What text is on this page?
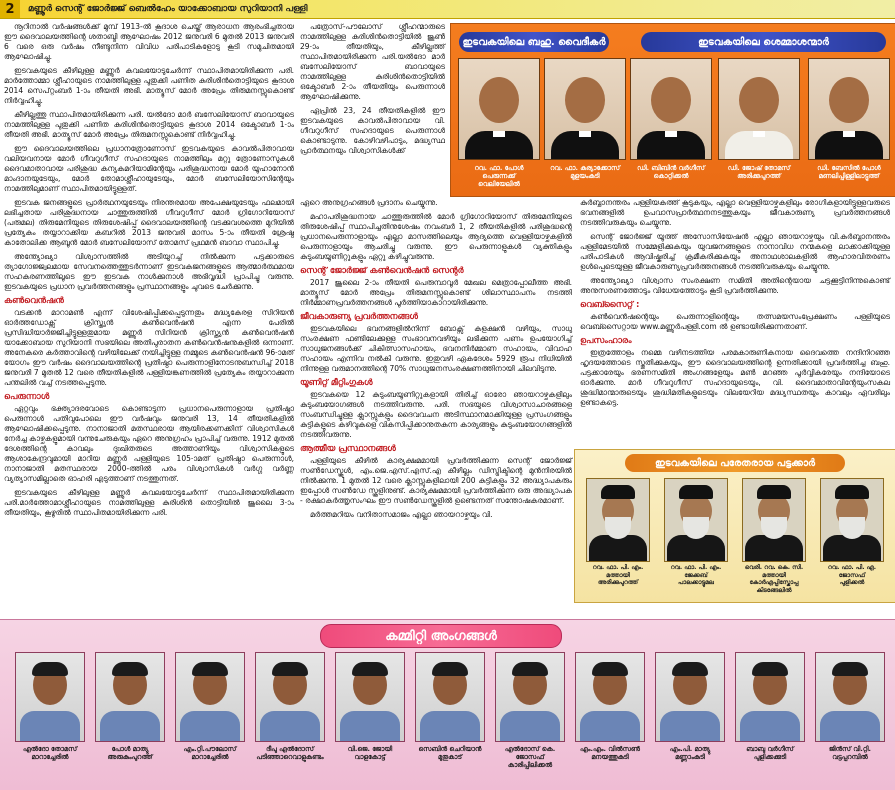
2	മണ്ണൂർ സെന്റ് ജോർജ്ജ് ബെൽഹേം യാക്കോബായ സുറിയാനി പള്ളി

നൂറിനാൽ വർഷങ്ങൾക്ക് മുമ്പ് 1913-ൽ കൂദാശ ചെയ്ത് ആരാധന ആരംഭിച്ചതായ ഈ ദൈവാലയത്തിന്റെ ശതാബ്ദി ആഘോഷം 2012 ജനുവരി 6 മുതൽ 2013 ജനുവരി 6 വരെ ഒരു വർഷം നീണ്ടുനിന്ന വിവിധ പരിപാടികളോടു കൂടി സമുചിതമായി ആഘോഷിച്ചു.

ഇടവകയുടെ കീഴിലുള്ള മണ്ണൂർ കവലയോടുചേർന്ന് സ്ഥാപിതമായിരിക്കുന്ന പരി. മാർത്തോമ്മാ ശ്ലീഹായുടെ നാമത്തിലുള്ള പുതുക്കി പണിത കുരിശിൻതൊട്ടിയുടെ കൂദാശ 2014 സെപ്റ്റംബർ 1-ാം തീയതി അഭി. മാത്യൂസ് മോർ അപ്രേം തിരുമനസ്സുകൊണ്ട് നിർവ്വഹിച്ചു.

കീഴില്ലത്തു സ്ഥാപിതമായിരിക്കുന്ന പരി. യൽദോ മാർ ബസേലിയോസ് ബാവായുടെ നാമത്തിലുള്ള പുതുക്കി പണിത കുരിശിൻതൊട്ടിയുടെ കൂദാശ 2014 ഒക്ടോബർ 1-ാം തീയതി അഭി. മാത്യൂസ് മോർ അപ്രേം തിരുമനസ്സുകൊണ്ട് നിർവ്വഹിച്ചു.

ഈ ദൈവാലയത്തിലെ പ്രധാനത്രോണോസ് ഇടവകയുടെ കാവൽപിതാവായ വലിയവനായ മോർ ഗീവറുഗീസ് സഹദായുടെ നാമത്തിലും മറ്റു ത്രോണോസുകൾ ദൈവമാതാവായ പരിശുദ്ധ കന്യകമറിയാമിന്റേയും പരിശുദ്ധനായ മോർ യൂഹാനോൻ മാംദാനയുടേയും, മോർ തോമാശ്ലീഹായുടേയും, മോർ ബസേലിയോസിന്റേയും നാമത്തിലുമാണ് സ്ഥാപിതമായിട്ടുള്ളത്.

ഇടവക ജനങ്ങളുടെ പ്രാർത്ഥനയുടേയും നിരന്തരമായ അപേക്ഷയുടേയും ഫലമായി ലഭിച്ചതായ പരിശുദ്ധനായ ചാത്തുരുത്തിൽ ഗീവറുഗീസ് മോർ ഗ്രിഗോറിയോസ് (പരുമല) തിരുമേനിയുടെ തിരുശേഷിപ്പ് ദൈവാലയത്തിന്റെ വടക്കുവശത്തെ മുറിയിൽ പ്രത്യേകം തയ്യാറാക്കിയ കബറിൽ 2013 ജനുവരി മാസം 5-ാം തീയതി ശ്രേഷ്ഠ കാതോലിക്ക ആബൂൻ മോർ ബസേലിയോസ് തോമസ് പ്രഥമൻ ബാവാ സ്ഥാപിച്ചു.

അന്ത്യോഖ്യാ വിശ്വാസത്തിൽ അടിയുറച്ച് നിൽക്കുന്ന പട്ടക്കാരുടെ ത്യാഗോജ്ജ്വലമായ സേവനത്തെത്തുടർന്നാണ് ഇടവകജനങ്ങളുടെ ആത്മാർത്ഥമായ സഹകരണത്തിലൂടെ ഈ ഇടവക നാൾക്കുനാൾ അഭിവൃദ്ധി പ്രാപിച്ചു വരുന്നു. ഇടവകയുടെ പ്രധാന പ്രവർത്തനങ്ങളും പ്രസ്ഥാനങ്ങളും ചുവടെ ചേർക്കുന്നു.

കൺവെൻഷൻ

വടക്കൻ മാറാമൺ എന്ന് വിശേഷിപ്പിക്കപ്പെടുന്നതും മദ്ധ്യകേരള സിറിയൻ ഓർത്തഡോക്സ് ക്രിസ്ത്യൻ കൺവെൻഷൻ എന്ന പേരിൽ പ്രസിദ്ധിയാർജ്ജിച്ചിട്ടുള്ളതുമായ മണ്ണൂർ സിറിയൻ ക്രിസ്ത്യൻ കൺവെൻഷൻ യാക്കോബായ സുറിയാനി സഭയിലെ അതിപുരാതന കൺവെൻഷനുകളിൽ ഒന്നാണ്. അനേകരെ കർത്താവിന്റെ വഴിയിലേക്ക് നയിച്ചിട്ടുള്ള നമ്മുടെ കൺവെൻഷൻ 96-ാമത് യോഗം ഈ വർഷം ദൈവാലയത്തിന്റെ പ്രതിഷ്ഠാ പെരുന്നാളിനോടനുബന്ധിച്ച് 2018 ജനുവരി 7 മുതൽ 12 വരെ തീയതികളിൽ പള്ളിയങ്കണത്തിൽ പ്രത്യേകം തയ്യാറാക്കുന്ന പന്തലിൽ വച്ച് നടത്തപ്പെടുന്നു.

പെരുന്നാൾ

ഏറ്റവും ഭക്ത്യാദരവോടെ കൊണ്ടാടുന്ന പ്രധാനപെരുന്നാളായ പ്രതിഷ്ഠാ പെരുന്നാൾ പതിവുപോലെ ഈ വർഷവും ജനുവരി 13, 14 തീയതികളിൽ ആഘോഷിക്കപ്പെടുന്നു. നാനാജാതി മതസ്ഥരായ ആയിരക്കണക്കിന് വിശ്വാസികൾ നേർച്ച കാഴ്ചകളുമായി വന്നുചേരുകയും ഏറെ അനുഗ്രഹം പ്രാപിച്ച് വരുന്നു. 1912 മുതൽ ദേശത്തിന്റെ കാവലും ദുഃഖിതരുടെ അത്താണിയും വിശ്വാസികളുടെ ആശാകേന്ദ്രവുമായി മാറിയ മണ്ണൂർ പള്ളിയുടെ 105-ാമത് പ്രതിഷ്ഠാ പെരുന്നാൾ, നാനാജാതി മതസ്ഥരായ 2000-ത്തിൽ പരം വിശ്വാസികൾ വർഗ്ഗ വർണ്ണ വ്യത്യാസമില്ലാതെ ഓഹരി എടുത്താണ് നടത്തുന്നത്.

ഇടവകയുടെ കീഴിലുള്ള മണ്ണൂർ കവലയോടുചേർന്ന് സ്ഥാപിതമായിരിക്കുന്ന പരി.മാർത്തോമാശ്ലീഹായുടെ നാമത്തിലുള്ള കുരിശിൻ തൊട്ടിയിൽ ജൂലൈ 3-ാം തീയതിയും, കൂഴൂരിൽ സ്ഥാപിതമായിരിക്കുന്ന പരി.

പത്രോസ്-പൗലോസ് ശ്ലീഹന്മാരുടെ നാമത്തിലുള്ള കുരിശിൻതൊട്ടിയിൽ ജൂൺ 29-ാം തീയതിയും, കീഴില്ലത്ത് സ്ഥാപിതമായിരിക്കുന്ന പരി.യൽദോ മാർ ബസേലിയോസ് ബാവായുടെ നാമത്തിലുള്ള കുരിശിൻതൊട്ടിയിൽ ഒക്ടോബർ 2-ാം തീയതിയും പെരുന്നാൾ ആഘോഷിക്കുന്നു.

ഏപ്രിൽ 23, 24 തീയതികളിൽ ഈ ഇടവകയുടെ കാവൽപിതാവായ വി. ഗീവറുഗീസ് സഹദായുടെ പെരുന്നാൾ കൊണ്ടാടുന്നു. കോഴിവഴിപാടും, മദ്ധ്യസ്ഥ പ്രാർത്ഥനയും വിശ്വാസികൾക്ക്

ഇടവകയിലെ ബഹു. വൈദീകർ	ഇടവകയിലെ ശെമ്മാശന്മാർ
റവ. ഫാ. പോൾ പെരുന്നക്ക്
വെലിയേലിൽ
റവ. ഫാ. കുര്യാക്കോസ്
മുളയംകുടി
ഡി. ബിബിൻ വർഗീസ്
കൊറ്റിക്കൽ
ഡി. ജോഷ് തോമസ്
അരിക്കുപുറത്ത്
ഡി. ബേസിൽ പോൾ
മണലിപ്പിള്ളിലാട്ടുത്ത്

ഏറെ അനുഗ്രഹങ്ങൾ പ്രദാനം ചെയ്യുന്നു.

മഹാപരിശുദ്ധനായ ചാത്തുരുത്തിൽ മോർ ഗ്രിഗോറിയോസ് തിരുമേനിയുടെ തിരുശേഷിപ്പ് സ്ഥാപിച്ചതിനുശേഷം നവംബർ 1, 2 തീയതികളിൽ പരിശുദ്ധന്റെ പ്രധാനപെരുന്നാളായും എല്ലാ മാസത്തിലെയും ആദ്യത്തെ വെള്ളിയാഴ്ചകളിൽ പെരുന്നാളായും ആചരിച്ചു വരുന്നു. ഈ പെരുന്നാളുകൾ വ്യക്തികളും കുടുംബയൂണിറ്റുകളും ഏറ്റു കഴിച്ചുവരുന്നു.

സെന്റ് ജോർജ്ജ് കൺവെൻഷൻ സെന്റർ

2017 ജൂലൈ 2-ാം തീയതി പെരുമ്പാവൂർ മേഖല മെത്രാപ്പോലീത്ത അഭി. മാത്യൂസ് മോർ അപ്രേം തിരുമനസ്സുകൊണ്ട് ശിലാസ്ഥാപനം നടത്തി നിർമ്മാണപ്രവർത്തനങ്ങൾ പൂർത്തിയാകാറായിരിക്കുന്നു.

ജീവകാരുണ്യ പ്രവർത്തനങ്ങൾ

ഇടവകയിലെ ഭവനങ്ങളിൽനിന്ന് ബോക്സ് കളക്ഷൻ വഴിയും, സാധു സംരക്ഷണ ഫണ്ടിലേക്കുള്ള സംഭാവനവഴിയും ലഭിക്കുന്ന പണം ഉപയോഗിച്ച് സാധുജനങ്ങൾക്ക് ചികിത്സാസഹായം, ഭവനനിർമ്മാണ സഹായം, വിവാഹ സഹായം എന്നിവ നൽകി വരുന്നു. ഇതുവഴി ഏകദേശം 5929 രൂപ നിധിയിൽ നിന്നുള്ള വരുമാനത്തിന്റെ 70% സാധുജനസംരക്ഷണത്തിനായി ചിലവിടുന്നു.

യൂണിറ്റ് മീറ്റിംഗുകൾ

ഇടവകയെ 12 കുടുംബയൂണിറ്റുകളായി തിരിച്ച് ഓരോ ഞായറാഴ്ചകളിലും കുടുംബയോഗങ്ങൾ നടത്തിവരുന്നു. പരി. സഭയുടെ വിശ്വാസാചാരങ്ങളെ സംബന്ധിച്ചുള്ള ക്ലാസ്സുകളും ദൈവവചന അടിസ്ഥാനമാക്കിയുള്ള പ്രസംഗങ്ങളും കുട്ടികളുടെ കഴിവുകളെ വികസിപ്പിക്കാനുതകുന്ന കാര്യങ്ങളും കുടുംബയോഗങ്ങളിൽ നടത്തിവരുന്നു.

ആത്മീയ പ്രസ്ഥാനങ്ങൾ

പള്ളിയുടെ കീഴിൽ കാര്യക്ഷമമായി പ്രവർത്തിക്കുന്ന സെന്റ് ജോർജ്ജ് സൺഡേസ്കൂൾ, എം.ജെ.എസ്.എസ്.എ കീഴില്ലം ഡിസ്ട്രിക്ടിന്റെ മുൻനിരയിൽ നിൽക്കുന്നു. 1 മുതൽ 12 വരെ ക്ലാസ്സുകളിലായി 200 കുട്ടികളും 32 അദ്ധ്യാപകരും ഇപ്പോൾ സൺഡേ സ്കൂളിനുണ്ട്. കാര്യക്ഷമമായി പ്രവർത്തിക്കുന്ന ഒരു അദ്ധ്യാപക - രക്ഷാകർത്തൃസംഘം ഈ സൺഡേസ്കൂളിൽ ഉണ്ടെന്നത് സന്തോഷകരമാണ്.

മർത്തമറിയം വനിതാസമാജം എല്ലാ ഞായറാഴ്ചയും വി.

കുർബ്ബാനന്തരം പള്ളിയകത്ത് കൂടുകയും, എല്ലാ വെള്ളിയാഴ്ചകളിലും രോഗികളായിട്ടുള്ളവരുടെ ഭവനങ്ങളിൽ ഉപവാസപ്രാർത്ഥനനടത്തുകയും ജീവകാരുണ്യ പ്രവർത്തനങ്ങൾ നടത്തിവരുകയും ചെയ്യുന്നു.

സെന്റ് ജോർജ്ജ് യൂത്ത് അസോസിയേഷൻ എല്ലാ ഞായറാഴ്ചയും വി.കുർബ്ബാനന്തരം പള്ളിമേടയിൽ സമ്മേളിക്കുകയും യുവജനങ്ങളുടെ നാനാവിധ നന്മകളെ ലാക്കാക്കിയുള്ള പരിപാടികൾ ആവിഷ്കരിച്ച് ക്രമീകരിക്കുകയും അനാഥശാലകളിൽ ആഹാരവിതരണം ഉൾപ്പെടെയുള്ള ജീവകാരുണ്യപ്രവർത്തനങ്ങൾ നടത്തിവരുകയും ചെയ്യുന്നു.

അന്ത്യോഖ്യാ വിശ്വാസ സംരക്ഷണ സമിതി അതിന്റെയായ ചട്ടക്കൂട്ടിനിന്നുകൊണ്ട് അനുസരണത്തോടും വിധേയത്തോടും കൂടി പ്രവർത്തിക്കുന്നു.

വെബ്സൈറ്റ് :

കൺവെൻഷന്റെയും പെരുന്നാളിന്റെയും തത്സമയസംപ്രേക്ഷണം പള്ളിയുടെ വെബ്സൈറ്റായ www.മണ്ണൂർപള്ളി.com ൽ ഉണ്ടായിരിക്കുന്നതാണ്.

ഉപസംഹാരം

ഇത്രത്തോളം നമ്മെ വഴിനടത്തിയ പരമകാരുണികനായ ദൈവത്തെ നന്ദിനിറഞ്ഞ ഹൃദയത്തോടെ സ്തുതിക്കുകയും, ഈ ദൈവാലയത്തിന്റെ ഉന്നതിക്കായി പ്രവർത്തിച്ച ബഹു. പട്ടക്കാരേയും ഭരണസമിതി അംഗങ്ങളേയും മൺ മറഞ്ഞ പൂർവ്വികരേയും നന്ദിയോടെ ഓർക്കുന്നു. മാർ ഗീവറുഗീസ് സഹദായുടെയും, വി. ദൈവമാതാവിന്റേയുംസകല ശുദ്ധിമാന്മാരുടെയും ശുദ്ധിമതികളുടെയും വിലയേറിയ മദ്ധ്യസ്ഥതയും കാവലും ഏവരിലും ഉണ്ടാകട്ടെ.

ഇടവകയിലെ പരേതരായ പട്ടക്കാർ
റവ. ഫാ. പി. എം. മത്തായി
അരിക്കുപുറത്ത്
റവ. ഫാ. പി. എം. ജേക്കബ്
പാലക്കാട്ടുമല
വെരി. റവ. കെ. സി. മത്തായി
കോർഎപ്പിസ്കോപ്പ കിടങ്ങേലിൽ
റവ. ഫാ. പി. എ. ജോസഫ്
പുളിക്കൽ
കമ്മിറ്റി അംഗങ്ങൾ
എൽദോ തോമസ്
മാറാച്ചേരിൽ
പോൾ മാത്യു
അരുകുംപുറത്ത്
എം.റ്റി.പൗലോസ്
മാറാച്ചേരിൽ
ദീപു എൽദോസ്
പടിഞ്ഞാറെവാളുകണ്ടം
വി.ജെ. ജോയി
വാളകോട്ട്
സെബിൻ ചെറിയാൻ
മുതുകാട്
എൽദോസ് കെ. ജോസഫ്
കാരിപ്പിലിക്കൽ
എം.എം. വിൽസൺ
മനയത്തുകുടി
എം.പി. മാത്യു
മണ്ണാംകുടി
ബാബു വർഗീസ്
പുളിക്കക്കുടി
ജിൻസ് വി.റ്റി.
വട്ടപ്പറമ്പിൽ
